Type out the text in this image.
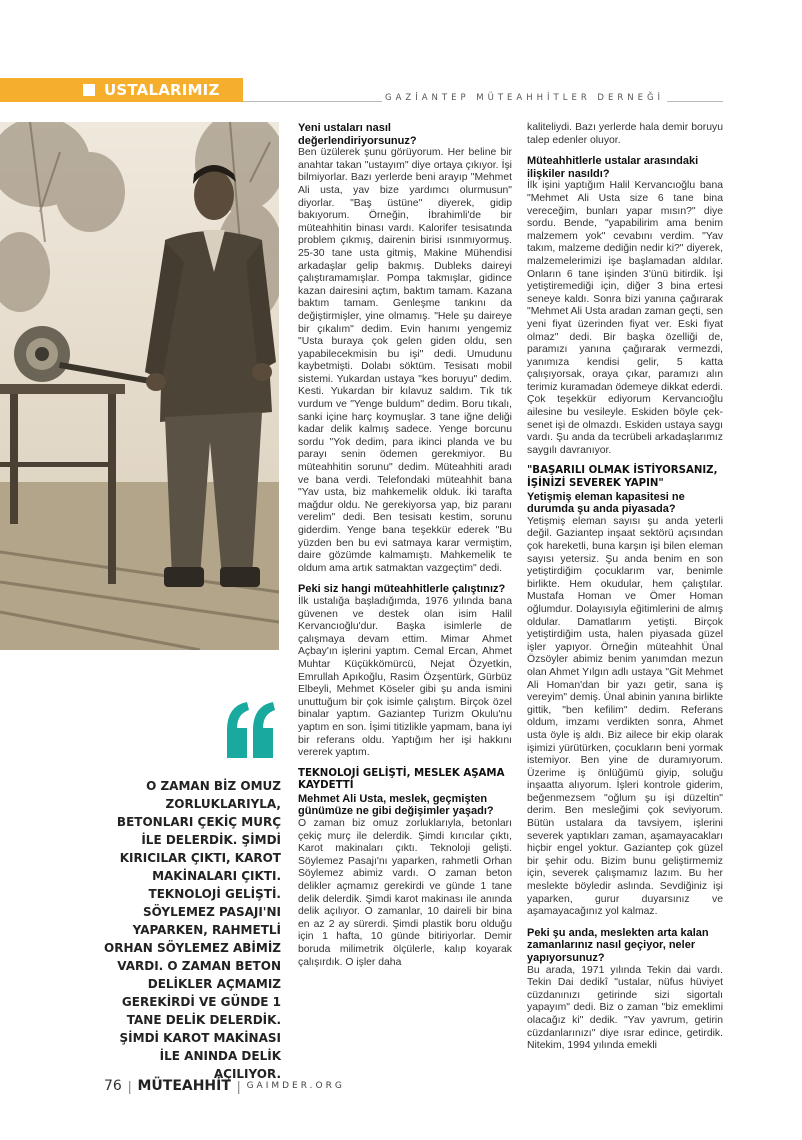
USTALARIMIZ	GAZİANTEP MÜTEAHHİTLER DERNEĞİ
O ZAMAN BİZ OMUZ ZORLUKLARIYLA, BETONLARI ÇEKİÇ MURÇ İLE DELERDİK. ŞİMDİ KIRICILAR ÇIKTI, KAROT MAKİNALARI ÇIKTI. TEKNOLOJİ GELİŞTİ. SÖYLEMEZ PASAJI'NI YAPARKEN, RAHMETLİ ORHAN SÖYLEMEZ ABİMİZ VARDI. O ZAMAN BETON DELİKLER AÇMAMIZ GEREKİRDİ VE GÜNDE 1 TANE DELİK DELERDİK. ŞİMDİ KAROT MAKİNASI İLE ANINDA DELİK AÇILIYOR.
Yeni ustaları nasıl değerlendiriyorsunuz?

Ben üzülerek şunu görüyorum. Her beline bir anahtar takan "ustayım" diye ortaya çıkıyor. İşi bilmiyorlar. Bazı yerlerde beni arayıp "Mehmet Ali usta, yav bize yardımcı olurmusun" diyorlar. "Baş üstüne" diyerek, gidip bakıyorum. Örneğin, İbrahimli'de bir müteahhitin binası vardı. Kalorifer tesisatında problem çıkmış, dairenin birisi ısınmıyormuş. 25-30 tane usta gitmiş, Makine Mühendisi arkadaşlar gelip bakmış. Dubleks daireyi çalıştıramamışlar. Pompa takmışlar, gidince kazan dairesini açtım, baktım tamam. Kazana baktım tamam. Genleşme tankını da değiştirmişler, yine olmamış. "Hele şu daireye bir çıkalım" dedim. Evin hanımı yengemiz "Usta buraya çok gelen giden oldu, sen yapabilecekmisin bu işi" dedi. Umudunu kaybetmişti. Dolabı söktüm. Tesisatı mobil sistemi. Yukardan ustaya "kes boruyu" dedim. Kesti. Yukardan bir kılavuz saldım. Tık tık vurdum ve "Yenge buldum" dedim. Boru tıkalı, sanki içine harç koymuşlar. 3 tane iğne deliği kadar delik kalmış sadece. Yenge borcunu sordu "Yok dedim, para ikinci planda ve bu parayı senin ödemen gerekmiyor. Bu müteahhitin sorunu" dedim. Müteahhiti aradı ve bana verdi. Telefondaki müteahhit bana "Yav usta, biz mahkemelik olduk. İki tarafta mağdur oldu. Ne gerekiyorsa yap, biz paranı verelim" dedi. Ben tesisatı kestim, sorunu giderdim. Yenge bana teşekkür ederek "Bu yüzden ben bu evi satmaya karar vermiştim, daire gözümde kalmamıştı. Mahkemelik te oldum ama artık satmaktan vazgeçtim" dedi.

Peki siz hangi müteahhitlerle çalıştınız?

İlk ustalığa başladığımda, 1976 yılında bana güvenen ve destek olan isim Halil Kervancıoğlu'dur. Başka isimlerle de çalışmaya devam ettim. Mimar Ahmet Açbay'ın işlerini yaptım. Cemal Ercan, Ahmet Muhtar Küçükkömürcü, Nejat Özyetkin, Emrullah Apıkoğlu, Rasim Özşentürk, Gürbüz Elbeyli, Mehmet Köseler gibi şu anda ismini unuttuğum bir çok isimle çalıştım. Birçok özel binalar yaptım. Gaziantep Turizm Okulu'nu yaptım en son. İşimi titizlikle yapmam, bana iyi bir referans oldu. Yaptığım her işi hakkını vererek yaptım.

TEKNOLOJİ GELİŞTİ, MESLEK AŞAMA KAYDETTİ
Mehmet Ali Usta, meslek, geçmişten günümüze ne gibi değişimler yaşadı?

O zaman biz omuz zorluklarıyla, betonları çekiç murç ile delerdik. Şimdi kırıcılar çıktı, Karot makinaları çıktı. Teknoloji gelişti. Söylemez Pasajı'nı yaparken, rahmetli Orhan Söylemez abimiz vardı. O zaman beton delikler açmamız gerekirdi ve günde 1 tane delik delerdik. Şimdi karot makinası ile anında delik açılıyor. O zamanlar, 10 daireli bir bina en az 2 ay sürerdi. Şimdi plastik boru olduğu için 1 hafta, 10 günde bitiriyorlar. Demir boruda milimetrik ölçülerle, kalıp koyarak çalışırdık. O işler daha

kaliteliydi. Bazı yerlerde hala demir boruyu talep edenler oluyor.

Müteahhitlerle ustalar arasındaki ilişkiler nasıldı?

İlk işini yaptığım Halil Kervancıoğlu bana "Mehmet Ali Usta size 6 tane bina vereceğim, bunları yapar mısın?" diye sordu. Bende, "yapabilirim ama benim malzemem yok" cevabını verdim. "Yav takım, malzeme dediğin nedir ki?" diyerek, malzemelerimizi işe başlamadan aldılar. Onların 6 tane işinden 3'ünü bitirdik. İşi yetiştiremediği için, diğer 3 bina ertesi seneye kaldı. Sonra bizi yanına çağırarak "Mehmet Ali Usta aradan zaman geçti, sen yeni fiyat üzerinden fiyat ver. Eski fiyat olmaz" dedi. Bir başka özelliği de, paramızı yanına çağırarak vermezdi, yanımıza kendisi gelir, 5 katta çalışıyorsak, oraya çıkar, paramızı alın terimiz kuramadan ödemeye dikkat ederdi. Çok teşekkür ediyorum Kervancıoğlu ailesine bu vesileyle. Eskiden böyle çek-senet işi de olmazdı. Eskiden ustaya saygı vardı. Şu anda da tecrübeli arkadaşlarımız saygılı davranıyor.

"BAŞARILI OLMAK İSTİYORSANIZ, İŞİNİZİ SEVEREK YAPIN"
Yetişmiş eleman kapasitesi ne durumda şu anda piyasada?

Yetişmiş eleman sayısı şu anda yeterli değil. Gaziantep inşaat sektörü açısından çok hareketli, buna karşın işi bilen eleman sayısı yetersiz. Şu anda benim en son yetiştirdiğim çocuklarım var, benimle birlikte. Hem okudular, hem çalıştılar. Mustafa Homan ve Ömer Homan oğlumdur. Dolayısıyla eğitimlerini de almış oldular. Damatlarım yetişti. Birçok yetiştirdiğim usta, halen piyasada güzel işler yapıyor. Örneğin müteahhit Ünal Özsöyler abimiz benim yanımdan mezun olan Ahmet Yılgın adlı ustaya "Git Mehmet Ali Homan'dan bir yazı getir, sana iş vereyim" demiş. Ünal abinin yanına birlikte gittik, "ben kefilim" dedim. Referans oldum, imzamı verdikten sonra, Ahmet usta öyle iş aldı. Biz ailece bir ekip olarak işimizi yürütürken, çocukların beni yormak istemiyor. Ben yine de duramıyorum. Üzerime iş önlüğümü giyip, soluğu inşaatta alıyorum. İşleri kontrole giderim, beğenmezsem "oğlum şu işi düzeltin" derim. Ben mesleğimi çok seviyorum. Bütün ustalara da tavsiyem, işlerini severek yaptıkları zaman, aşamayacakları hiçbir engel yoktur. Gaziantep çok güzel bir şehir odu. Bizim bunu geliştirmemiz için, severek çalışmamız lazım. Bu her meslekte böyledir aslında. Sevdiğiniz işi yaparken, gurur duyarsınız ve aşamayacağınız yol kalmaz.

Peki şu anda, meslekten arta kalan zamanlarınız nasıl geçiyor, neler yapıyorsunuz?

Bu arada, 1971 yılında Tekin dai vardı. Tekin Dai dedikî "ustalar, nüfus hüviyet cüzdanınızı getirinde sizi sigortalı yapayım" dedi. Biz o zaman "biz emeklimi olacağız ki" dedik. "Yav yavrum, getirin cüzdanlarınızı" diye ısrar edince, getirdik. Nitekim, 1994 yılında emekli

76 | MÜTEAHHİT | GAIMDER.ORG
